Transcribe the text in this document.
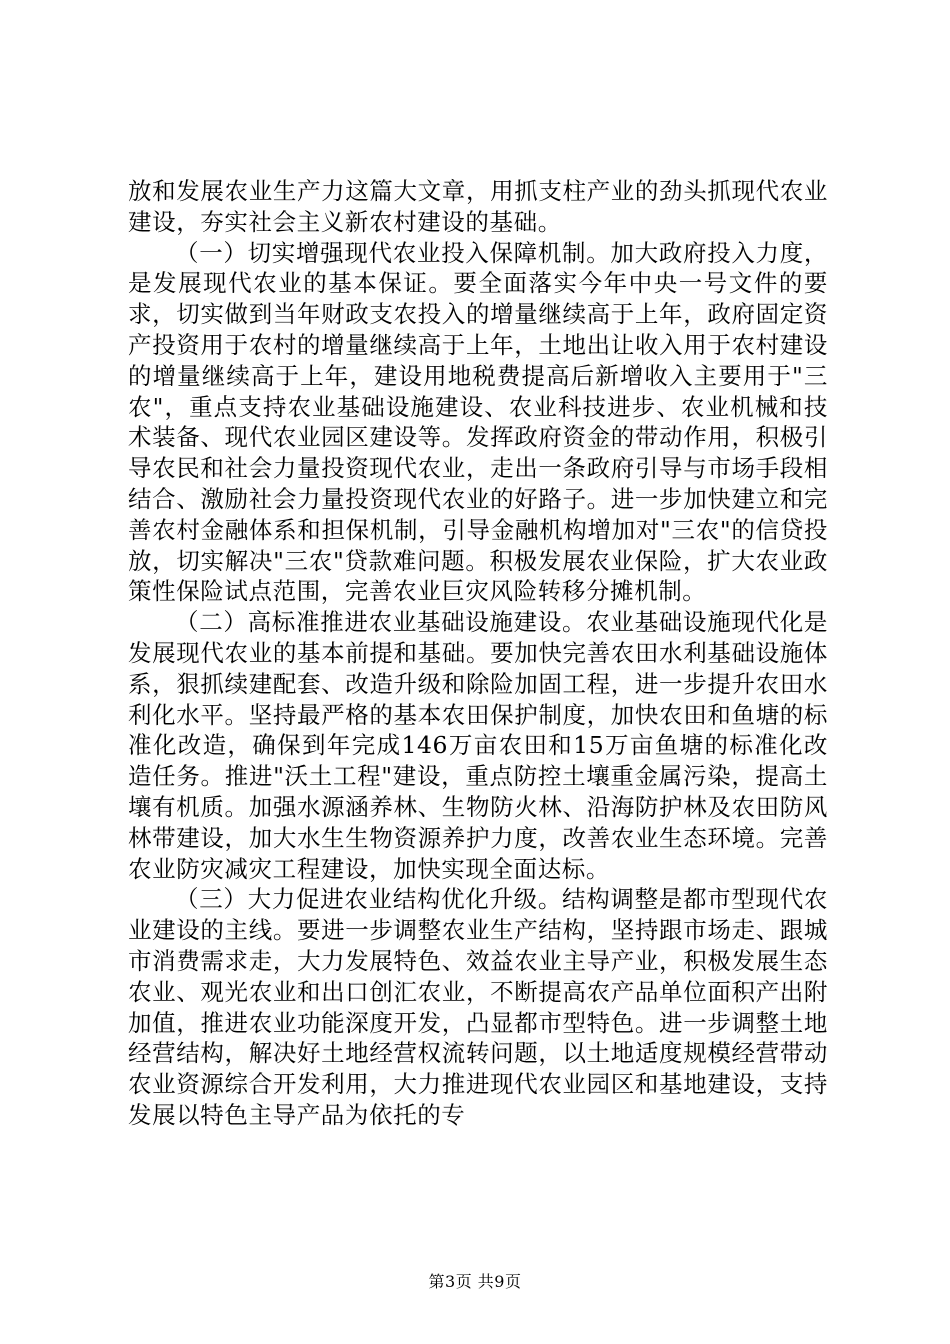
放和发展农业生产力这篇大文章，用抓支柱产业的劲头抓现代农业建设，夯实社会主义新农村建设的基础。

（一）切实增强现代农业投入保障机制。加大政府投入力度，是发展现代农业的基本保证。要全面落实今年中央一号文件的要求，切实做到当年财政支农投入的增量继续高于上年，政府固定资产投资用于农村的增量继续高于上年，土地出让收入用于农村建设的增量继续高于上年，建设用地税费提高后新增收入主要用于"三农"，重点支持农业基础设施建设、农业科技进步、农业机械和技术装备、现代农业园区建设等。发挥政府资金的带动作用，积极引导农民和社会力量投资现代农业，走出一条政府引导与市场手段相结合、激励社会力量投资现代农业的好路子。进一步加快建立和完善农村金融体系和担保机制，引导金融机构增加对"三农"的信贷投放，切实解决"三农"贷款难问题。积极发展农业保险，扩大农业政策性保险试点范围，完善农业巨灾风险转移分摊机制。

（二）高标准推进农业基础设施建设。农业基础设施现代化是发展现代农业的基本前提和基础。要加快完善农田水利基础设施体系，狠抓续建配套、改造升级和除险加固工程，进一步提升农田水利化水平。坚持最严格的基本农田保护制度，加快农田和鱼塘的标准化改造，确保到年完成146万亩农田和15万亩鱼塘的标准化改造任务。推进"沃土工程"建设，重点防控土壤重金属污染，提高土壤有机质。加强水源涵养林、生物防火林、沿海防护林及农田防风林带建设，加大水生生物资源养护力度，改善农业生态环境。完善农业防灾减灾工程建设，加快实现全面达标。

（三）大力促进农业结构优化升级。结构调整是都市型现代农业建设的主线。要进一步调整农业生产结构，坚持跟市场走、跟城市消费需求走，大力发展特色、效益农业主导产业，积极发展生态农业、观光农业和出口创汇农业，不断提高农产品单位面积产出附加值，推进农业功能深度开发，凸显都市型特色。进一步调整土地经营结构，解决好土地经营权流转问题，以土地适度规模经营带动农业资源综合开发利用，大力推进现代农业园区和基地建设，支持发展以特色主导产品为依托的专

第3页 共9页
